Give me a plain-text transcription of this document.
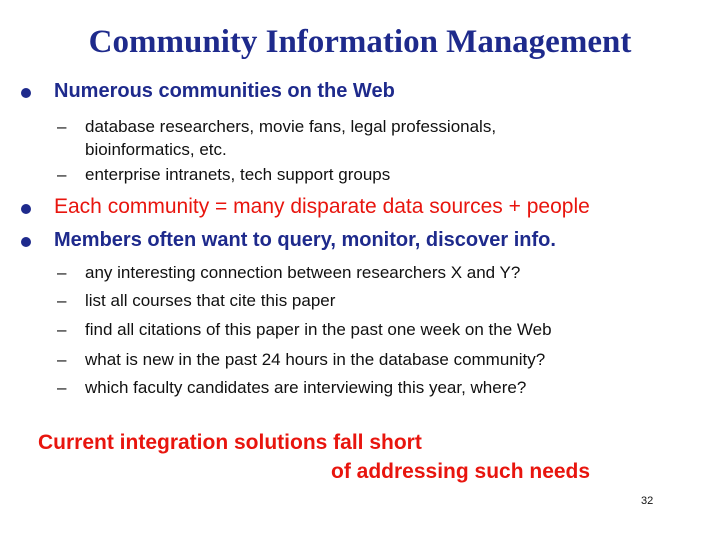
Community Information Management
Numerous communities on the Web
– database researchers, movie fans, legal professionals,
bioinformatics, etc.
– enterprise intranets, tech support groups
Each community = many disparate data sources + people
Members often want to query, monitor, discover info.
– any interesting connection between researchers X and Y?
– list all courses that cite this paper
– find all citations of this paper in the past one week on the Web
– what is new in the past 24 hours in the database community?
– which faculty candidates are interviewing this year, where?
Current integration solutions fall short
of addressing such needs
32
